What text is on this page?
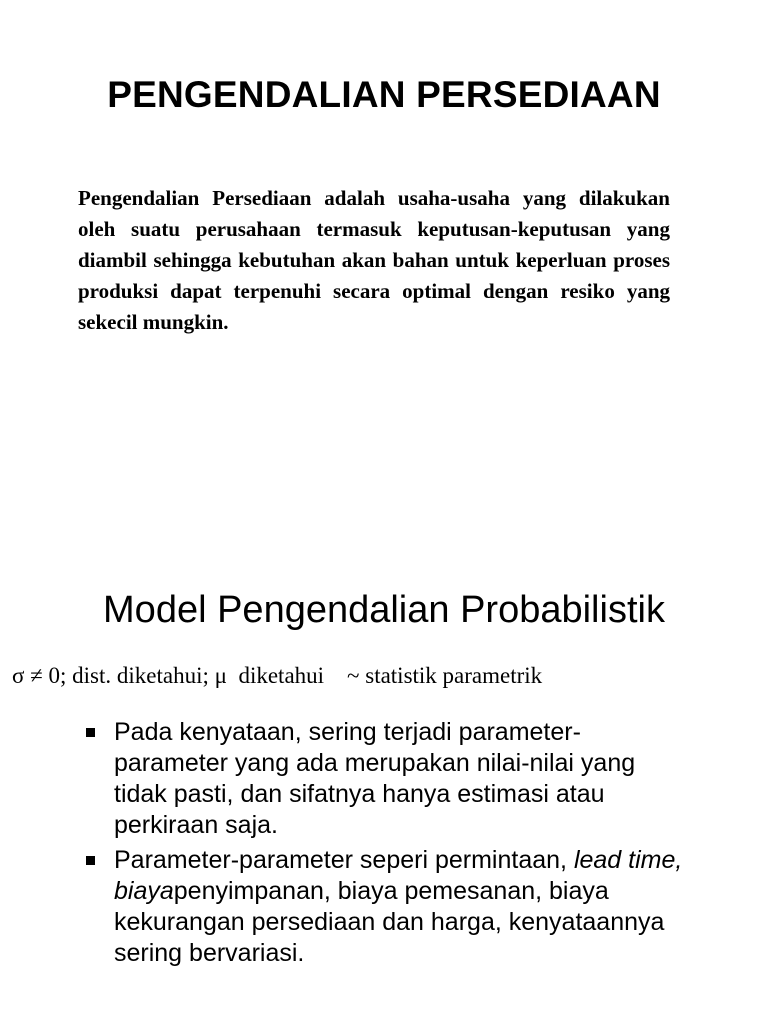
PENGENDALIAN PERSEDIAAN

Pengendalian Persediaan adalah usaha-usaha yang dilakukan oleh suatu perusahaan termasuk keputusan-keputusan yang diambil sehingga kebutuhan akan bahan untuk keperluan proses produksi dapat terpenuhi secara optimal dengan resiko yang sekecil mungkin.

Model Pengendalian Probabilistik
σ ≠ 0; dist. diketahui; μ  diketahui ~ statistik parametrik
Pada kenyataan, sering terjadi parameter-parameter yang ada merupakan nilai-nilai yang tidak pasti, dan sifatnya hanya estimasi atau perkiraan saja.
Parameter-parameter seperi permintaan, lead time, biayapenyimpanan, biaya pemesanan, biaya kekurangan persediaan dan harga, kenyataannya sering bervariasi.
